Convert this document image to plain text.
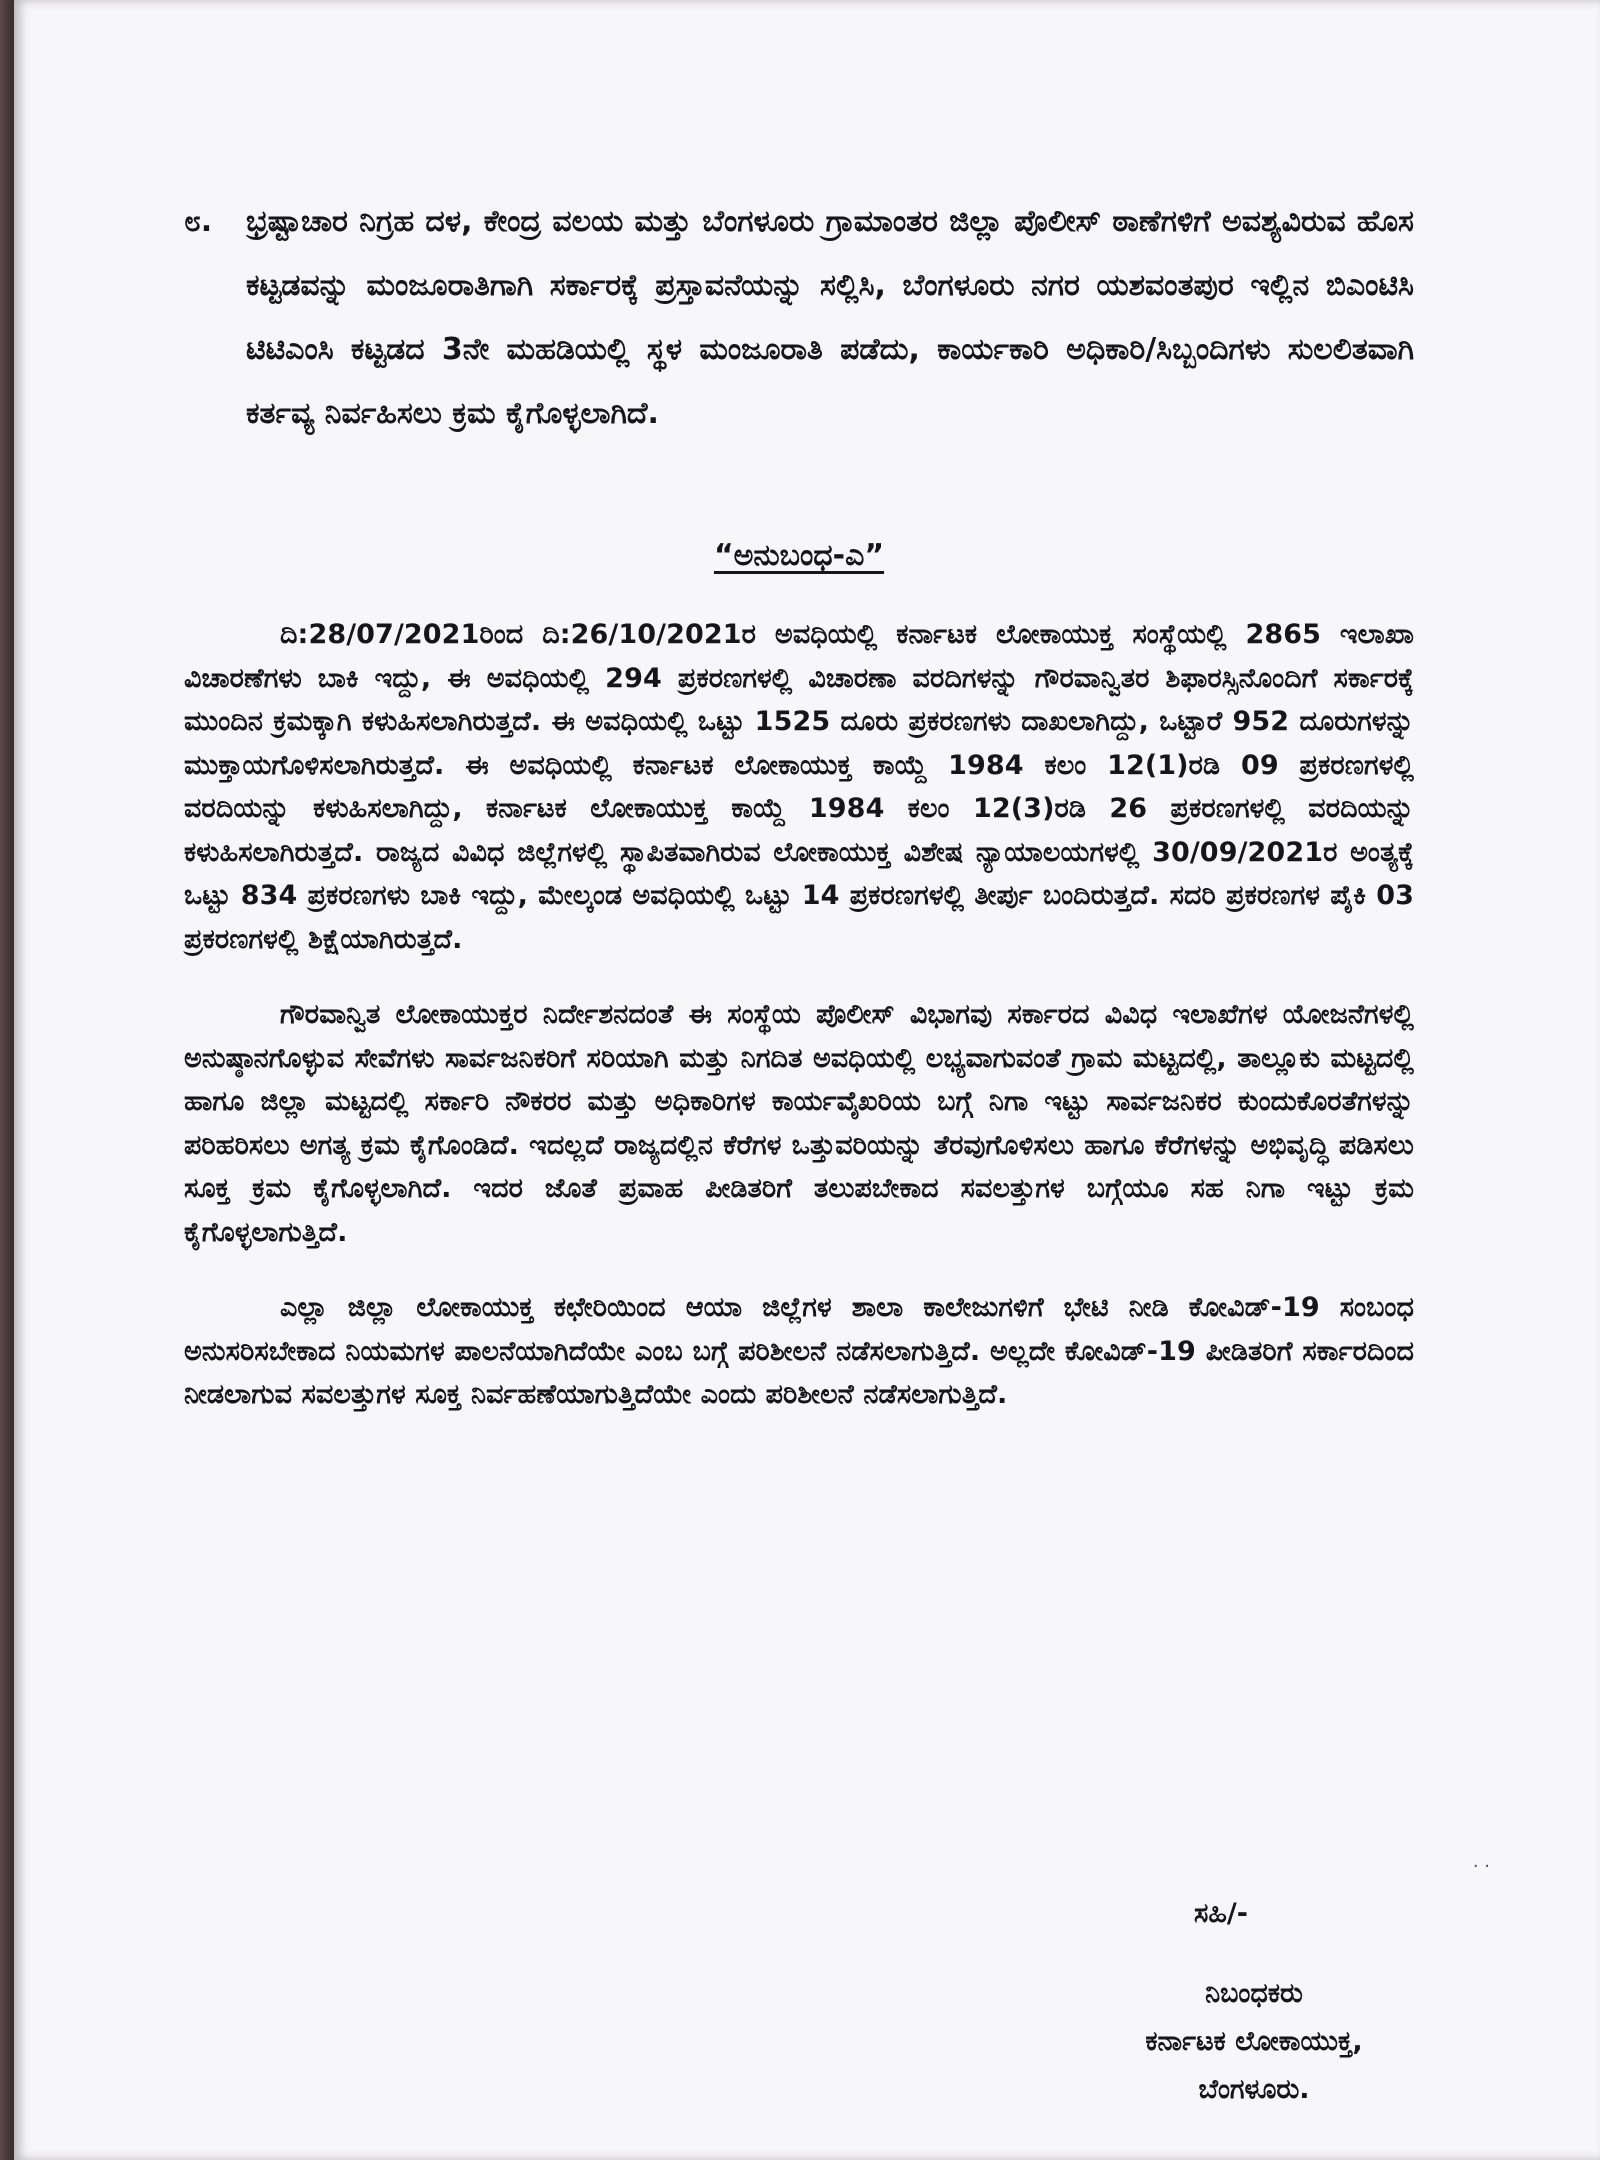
೮.	ಭ್ರಷ್ಟಾಚಾರ ನಿಗ್ರಹ ದಳ, ಕೇಂದ್ರ ವಲಯ ಮತ್ತು ಬೆಂಗಳೂರು ಗ್ರಾಮಾಂತರ ಜಿಲ್ಲಾ ಪೊಲೀಸ್ ಠಾಣೆಗಳಿಗೆ ಅವಶ್ಯವಿರುವ ಹೊಸ ಕಟ್ಟಡವನ್ನು ಮಂಜೂರಾತಿಗಾಗಿ ಸರ್ಕಾರಕ್ಕೆ ಪ್ರಸ್ತಾವನೆಯನ್ನು ಸಲ್ಲಿಸಿ, ಬೆಂಗಳೂರು ನಗರ ಯಶವಂತಪುರ ಇಲ್ಲಿನ ಬಿಎಂಟಿಸಿ ಟಿಟಿಎಂಸಿ ಕಟ್ಟಡದ 3ನೇ ಮಹಡಿಯಲ್ಲಿ ಸ್ಥಳ ಮಂಜೂರಾತಿ ಪಡೆದು, ಕಾರ್ಯಕಾರಿ ಅಧಿಕಾರಿ/ಸಿಬ್ಬಂದಿಗಳು ಸುಲಲಿತವಾಗಿ ಕರ್ತವ್ಯ ನಿರ್ವಹಿಸಲು ಕ್ರಮ ಕೈಗೊಳ್ಳಲಾಗಿದೆ.
“ಅನುಬಂಧ-ಎ”

ದಿ:28/07/2021ರಿಂದ ದಿ:26/10/2021ರ ಅವಧಿಯಲ್ಲಿ ಕರ್ನಾಟಕ ಲೋಕಾಯುಕ್ತ ಸಂಸ್ಥೆಯಲ್ಲಿ 2865 ಇಲಾಖಾ ವಿಚಾರಣೆಗಳು ಬಾಕಿ ಇದ್ದು, ಈ ಅವಧಿಯಲ್ಲಿ 294 ಪ್ರಕರಣಗಳಲ್ಲಿ ವಿಚಾರಣಾ ವರದಿಗಳನ್ನು ಗೌರವಾನ್ವಿತರ ಶಿಫಾರಸ್ಸಿನೊಂದಿಗೆ ಸರ್ಕಾರಕ್ಕೆ ಮುಂದಿನ ಕ್ರಮಕ್ಕಾಗಿ ಕಳುಹಿಸಲಾಗಿರುತ್ತದೆ. ಈ ಅವಧಿಯಲ್ಲಿ ಒಟ್ಟು 1525 ದೂರು ಪ್ರಕರಣಗಳು ದಾಖಲಾಗಿದ್ದು, ಒಟ್ಟಾರೆ 952 ದೂರುಗಳನ್ನು ಮುಕ್ತಾಯಗೊಳಿಸಲಾಗಿರುತ್ತದೆ. ಈ ಅವಧಿಯಲ್ಲಿ ಕರ್ನಾಟಕ ಲೋಕಾಯುಕ್ತ ಕಾಯ್ದೆ 1984 ಕಲಂ 12(1)ರಡಿ 09 ಪ್ರಕರಣಗಳಲ್ಲಿ ವರದಿಯನ್ನು ಕಳುಹಿಸಲಾಗಿದ್ದು, ಕರ್ನಾಟಕ ಲೋಕಾಯುಕ್ತ ಕಾಯ್ದೆ 1984 ಕಲಂ 12(3)ರಡಿ 26 ಪ್ರಕರಣಗಳಲ್ಲಿ ವರದಿಯನ್ನು ಕಳುಹಿಸಲಾಗಿರುತ್ತದೆ. ರಾಜ್ಯದ ವಿವಿಧ ಜಿಲ್ಲೆಗಳಲ್ಲಿ ಸ್ಥಾಪಿತವಾಗಿರುವ ಲೋಕಾಯುಕ್ತ ವಿಶೇಷ ನ್ಯಾಯಾಲಯಗಳಲ್ಲಿ 30/09/2021ರ ಅಂತ್ಯಕ್ಕೆ ಒಟ್ಟು 834 ಪ್ರಕರಣಗಳು ಬಾಕಿ ಇದ್ದು, ಮೇಲ್ಕಂಡ ಅವಧಿಯಲ್ಲಿ ಒಟ್ಟು 14 ಪ್ರಕರಣಗಳಲ್ಲಿ ತೀರ್ಪು ಬಂದಿರುತ್ತದೆ. ಸದರಿ ಪ್ರಕರಣಗಳ ಪೈಕಿ 03 ಪ್ರಕರಣಗಳಲ್ಲಿ ಶಿಕ್ಷೆಯಾಗಿರುತ್ತದೆ.

ಗೌರವಾನ್ವಿತ ಲೋಕಾಯುಕ್ತರ ನಿರ್ದೇಶನದಂತೆ ಈ ಸಂಸ್ಥೆಯ ಪೊಲೀಸ್ ವಿಭಾಗವು ಸರ್ಕಾರದ ವಿವಿಧ ಇಲಾಖೆಗಳ ಯೋಜನೆಗಳಲ್ಲಿ ಅನುಷ್ಠಾನಗೊಳ್ಳುವ ಸೇವೆಗಳು ಸಾರ್ವಜನಿಕರಿಗೆ ಸರಿಯಾಗಿ ಮತ್ತು ನಿಗದಿತ ಅವಧಿಯಲ್ಲಿ ಲಭ್ಯವಾಗುವಂತೆ ಗ್ರಾಮ ಮಟ್ಟದಲ್ಲಿ, ತಾಲ್ಲೂಕು ಮಟ್ಟದಲ್ಲಿ ಹಾಗೂ ಜಿಲ್ಲಾ ಮಟ್ಟದಲ್ಲಿ ಸರ್ಕಾರಿ ನೌಕರರ ಮತ್ತು ಅಧಿಕಾರಿಗಳ ಕಾರ್ಯವೈಖರಿಯ ಬಗ್ಗೆ ನಿಗಾ ಇಟ್ಟು ಸಾರ್ವಜನಿಕರ ಕುಂದುಕೊರತೆಗಳನ್ನು ಪರಿಹರಿಸಲು ಅಗತ್ಯ ಕ್ರಮ ಕೈಗೊಂಡಿದೆ. ಇದಲ್ಲದೆ ರಾಜ್ಯದಲ್ಲಿನ ಕೆರೆಗಳ ಒತ್ತುವರಿಯನ್ನು ತೆರವುಗೊಳಿಸಲು ಹಾಗೂ ಕೆರೆಗಳನ್ನು ಅಭಿವೃದ್ಧಿ ಪಡಿಸಲು ಸೂಕ್ತ ಕ್ರಮ ಕೈಗೊಳ್ಳಲಾಗಿದೆ. ಇದರ ಜೊತೆ ಪ್ರವಾಹ ಪೀಡಿತರಿಗೆ ತಲುಪಬೇಕಾದ ಸವಲತ್ತುಗಳ ಬಗ್ಗೆಯೂ ಸಹ ನಿಗಾ ಇಟ್ಟು ಕ್ರಮ ಕೈಗೊಳ್ಳಲಾಗುತ್ತಿದೆ.

ಎಲ್ಲಾ ಜಿಲ್ಲಾ ಲೋಕಾಯುಕ್ತ ಕಛೇರಿಯಿಂದ ಆಯಾ ಜಿಲ್ಲೆಗಳ ಶಾಲಾ ಕಾಲೇಜುಗಳಿಗೆ ಭೇಟಿ ನೀಡಿ ಕೋವಿಡ್-19 ಸಂಬಂಧ ಅನುಸರಿಸಬೇಕಾದ ನಿಯಮಗಳ ಪಾಲನೆಯಾಗಿದೆಯೇ ಎಂಬ ಬಗ್ಗೆ ಪರಿಶೀಲನೆ ನಡೆಸಲಾಗುತ್ತಿದೆ. ಅಲ್ಲದೇ ಕೋವಿಡ್-19 ಪೀಡಿತರಿಗೆ ಸರ್ಕಾರದಿಂದ ನೀಡಲಾಗುವ ಸವಲತ್ತುಗಳ ಸೂಕ್ತ ನಿರ್ವಹಣೆಯಾಗುತ್ತಿದೆಯೇ ಎಂದು ಪರಿಶೀಲನೆ ನಡೆಸಲಾಗುತ್ತಿದೆ.

· ·
ಸಹಿ/-
ನಿಬಂಧಕರು
ಕರ್ನಾಟಕ ಲೋಕಾಯುಕ್ತ,
ಬೆಂಗಳೂರು.
